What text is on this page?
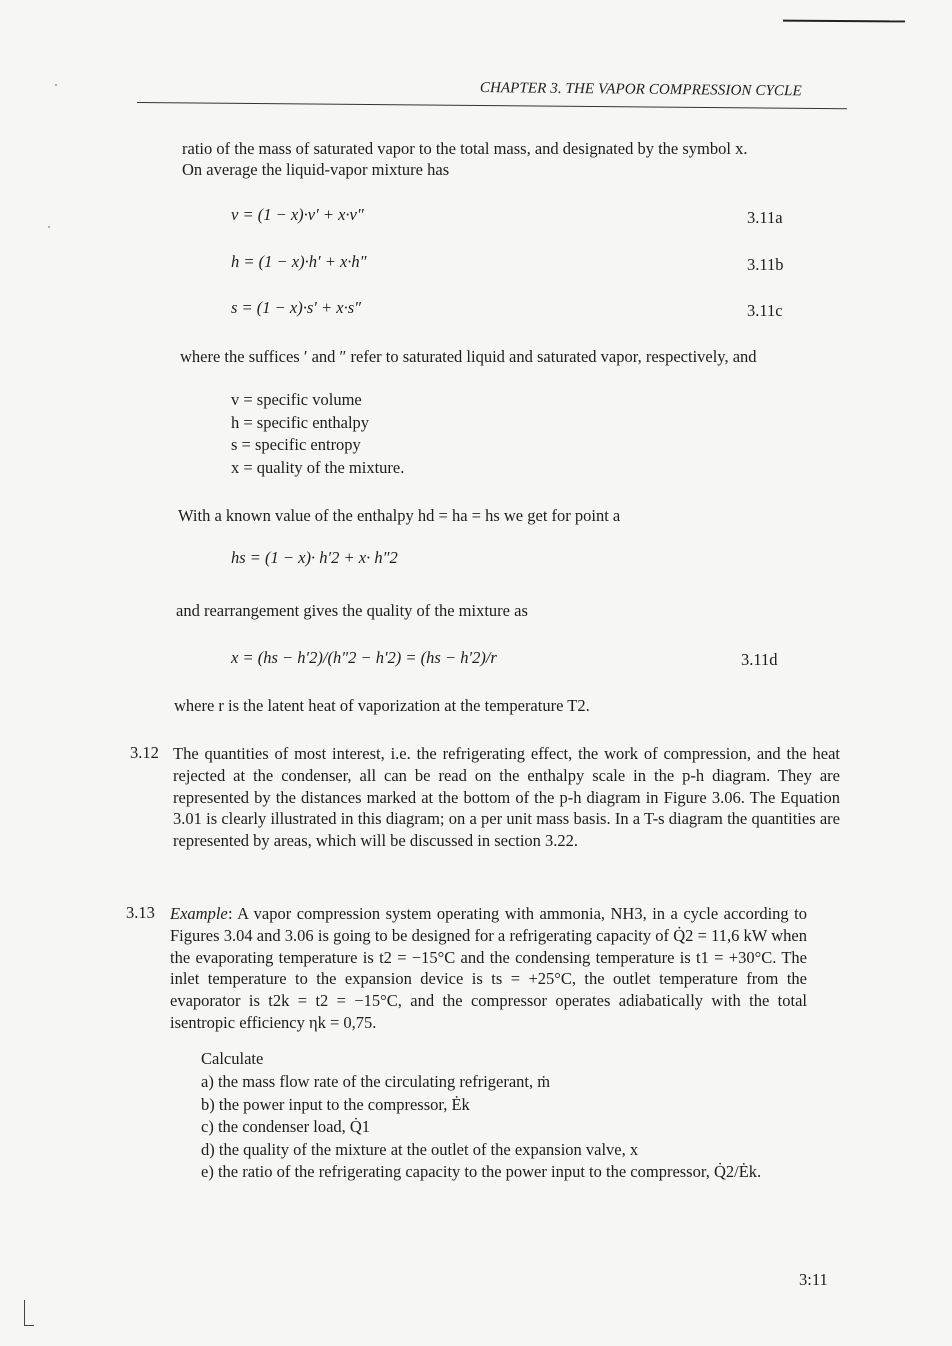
CHAPTER 3. THE VAPOR COMPRESSION CYCLE
ratio of the mass of saturated vapor to the total mass, and designated by the symbol x.
On average the liquid-vapor mixture has
v = (1 − x)·v′ + x·v″	3.11a
h = (1 − x)·h′ + x·h″	3.11b
s = (1 − x)·s′ + x·s″	3.11c
where the suffices ′ and ″ refer to saturated liquid and saturated vapor, respectively, and
v = specific volume
h = specific enthalpy
s = specific entropy
x = quality of the mixture.
With a known value of the enthalpy hd = ha = hs we get for point a
hs = (1 − x)· h′2 + x· h″2
and rearrangement gives the quality of the mixture as
x = (hs − h′2)/(h″2 − h′2) = (hs − h′2)/r	3.11d
where r is the latent heat of vaporization at the temperature T2.
3.12 The quantities of most interest, i.e. the refrigerating effect, the work of compression, and the heat rejected at the condenser, all can be read on the enthalpy scale in the p-h diagram. They are represented by the distances marked at the bottom of the p-h diagram in Figure 3.06. The Equation 3.01 is clearly illustrated in this diagram; on a per unit mass basis. In a T-s diagram the quantities are represented by areas, which will be discussed in section 3.22.

3.13 Example : A vapor compression system operating with ammonia, NH3, in a cycle according to Figures 3.04 and 3.06 is going to be designed for a refrigerating capacity of Q̇2 = 11,6 kW when the evaporating temperature is t2 = −15°C and the condensing temperature is t1 = +30°C. The inlet temperature to the expansion device is ts = +25°C, the outlet temperature from the evaporator is t2k = t2 = −15°C, and the compressor operates adiabatically with the total isentropic efficiency ηk = 0,75.

Calculate
a) the mass flow rate of the circulating refrigerant, ṁ
b) the power input to the compressor, Ėk
c) the condenser load, Q̇1
d) the quality of the mixture at the outlet of the expansion valve, x
e) the ratio of the refrigerating capacity to the power input to the compressor, Q̇2/Ėk.
3:11
